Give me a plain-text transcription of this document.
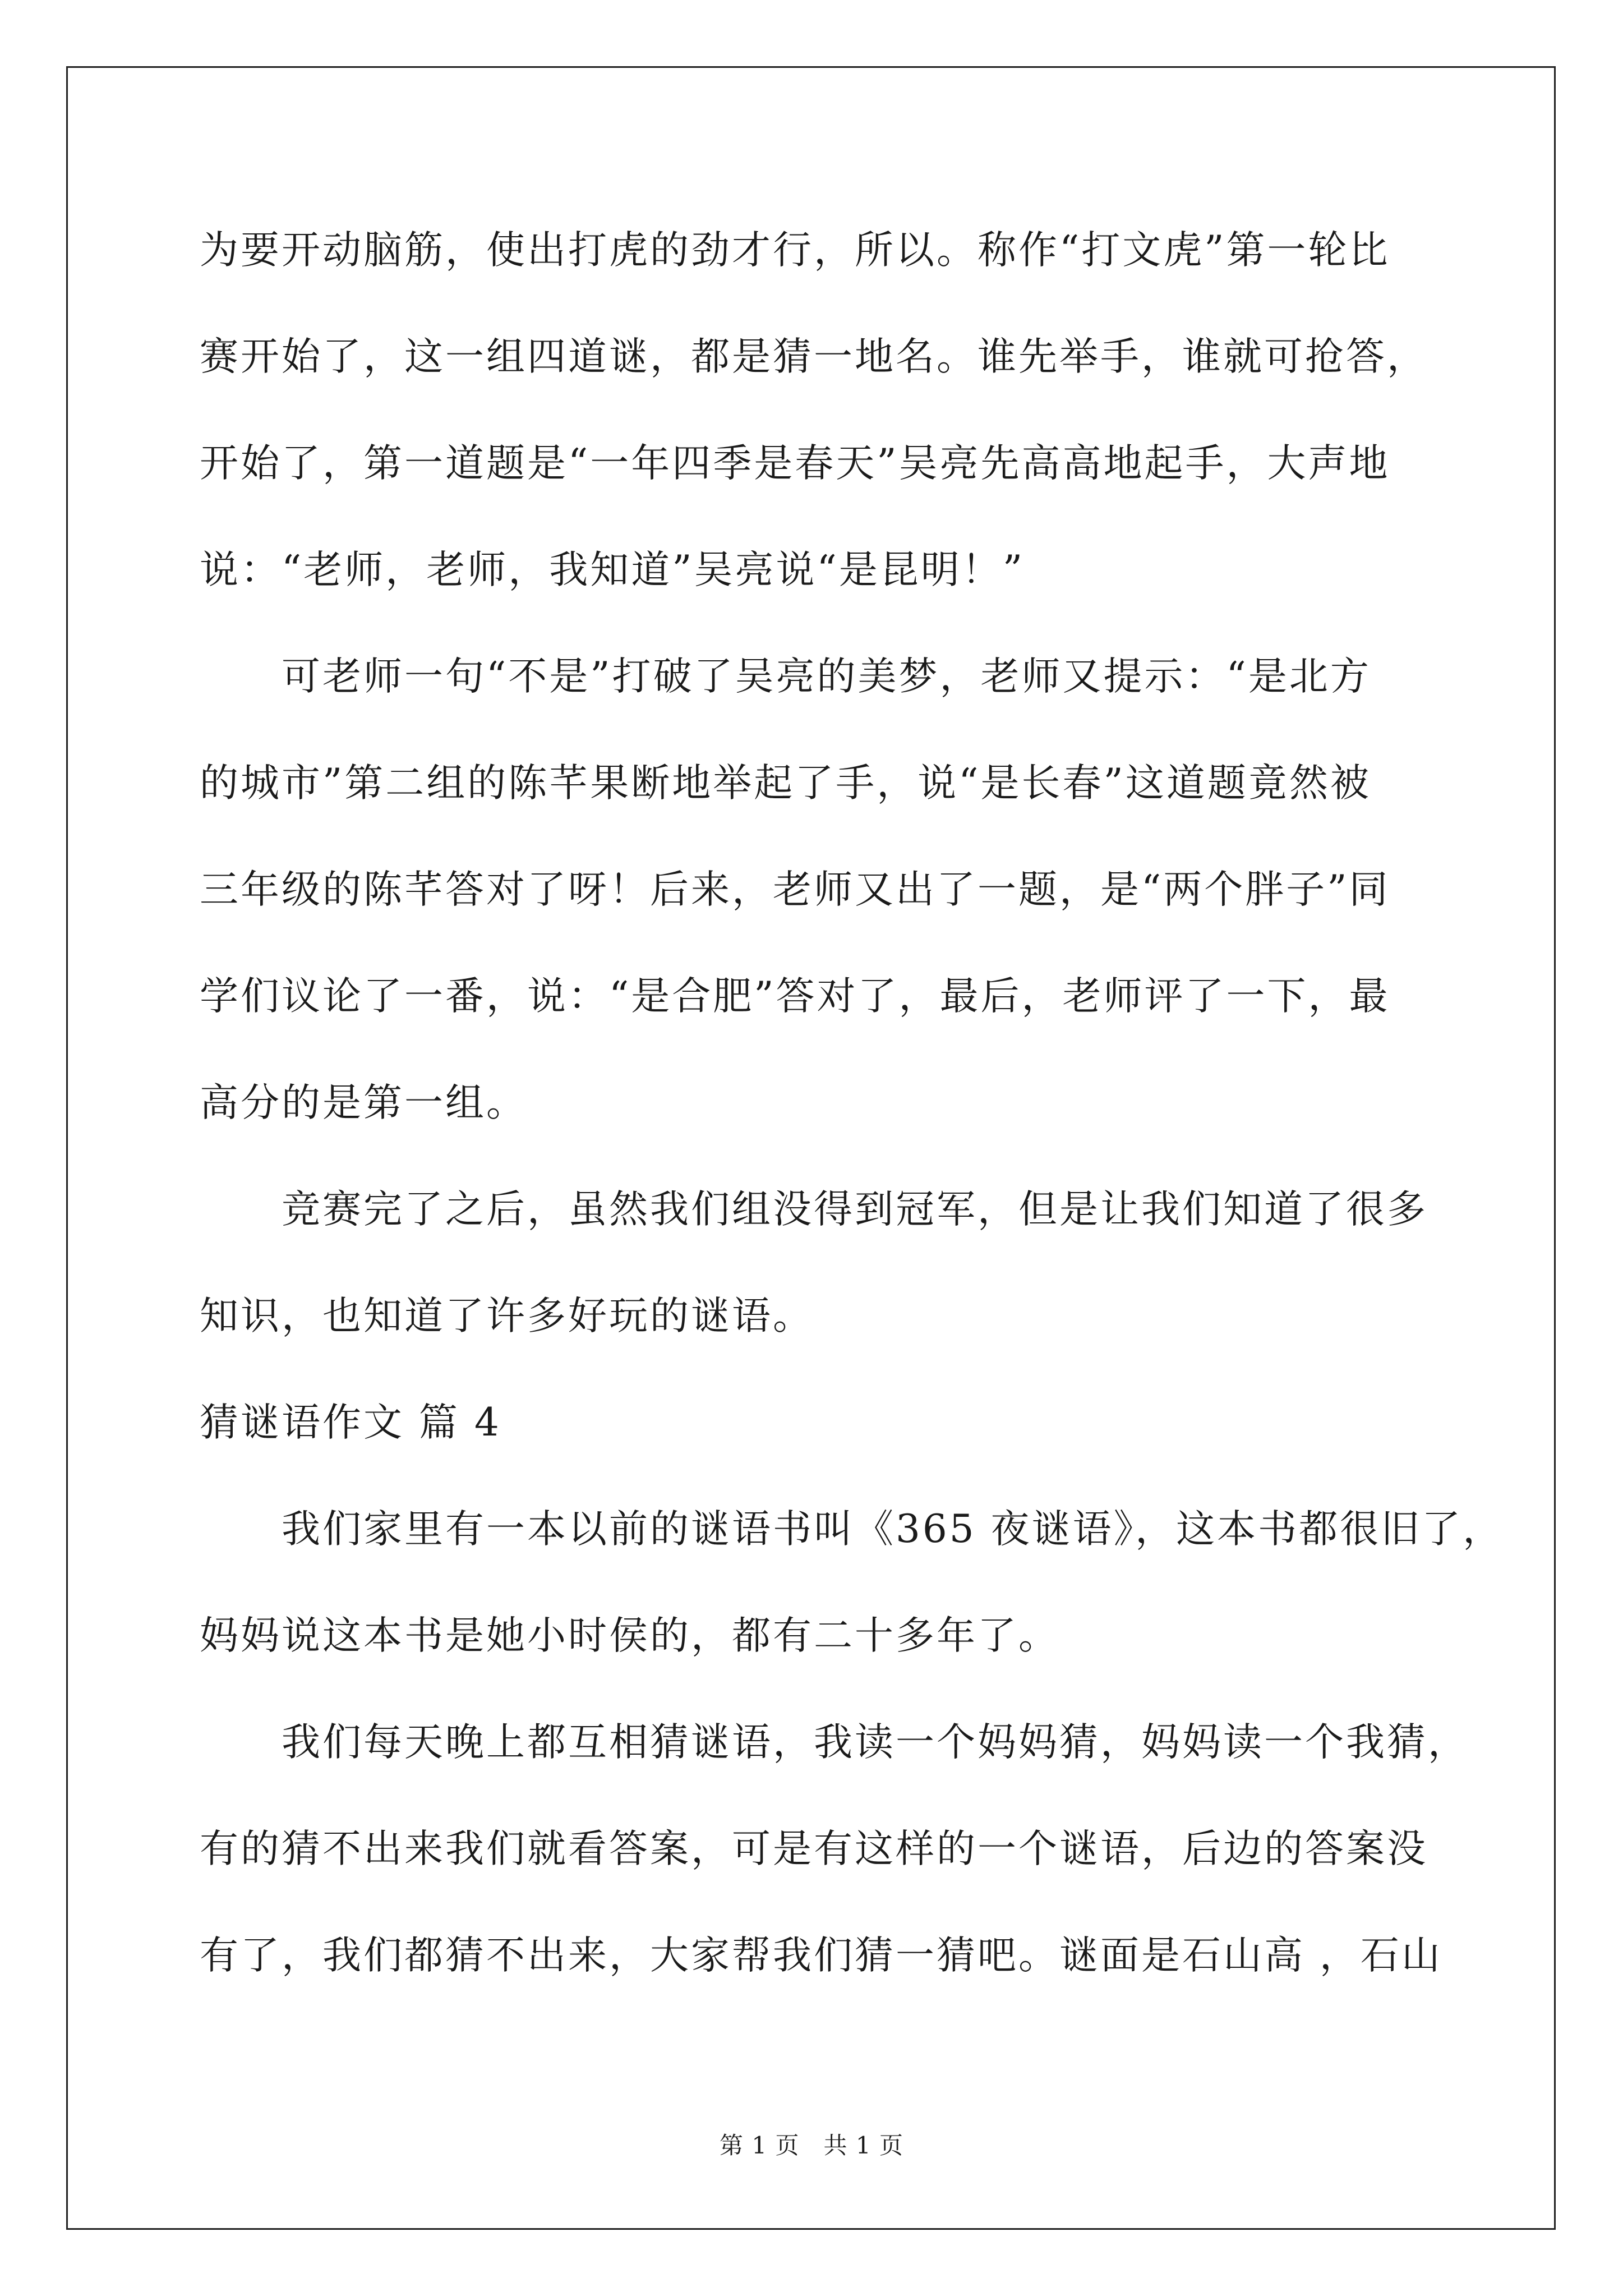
为要开动脑筋，使出打虎的劲才行，所以。称作“打文虎”第一轮比
赛开始了，这一组四道谜，都是猜一地名。谁先举手，谁就可抢答，
开始了，第一道题是“一年四季是春天”吴亮先高高地起手，大声地
说：“老师，老师，我知道”吴亮说“是昆明！”
可老师一句“不是”打破了吴亮的美梦，老师又提示：“是北方
的城市”第二组的陈芊果断地举起了手，说“是长春”这道题竟然被
三年级的陈芊答对了呀！后来，老师又出了一题，是“两个胖子”同
学们议论了一番，说：“是合肥”答对了，最后，老师评了一下，最
高分的是第一组。
竞赛完了之后，虽然我们组没得到冠军，但是让我们知道了很多
知识，也知道了许多好玩的谜语。
猜谜语作文 篇 4
我们家里有一本以前的谜语书叫《365 夜谜语》，这本书都很旧了，
妈妈说这本书是她小时侯的，都有二十多年了。
我们每天晚上都互相猜谜语，我读一个妈妈猜，妈妈读一个我猜，
有的猜不出来我们就看答案，可是有这样的一个谜语，后边的答案没
有了，我们都猜不出来，大家帮我们猜一猜吧。谜面是石山高 ，石山
第 1 页   共 1 页
